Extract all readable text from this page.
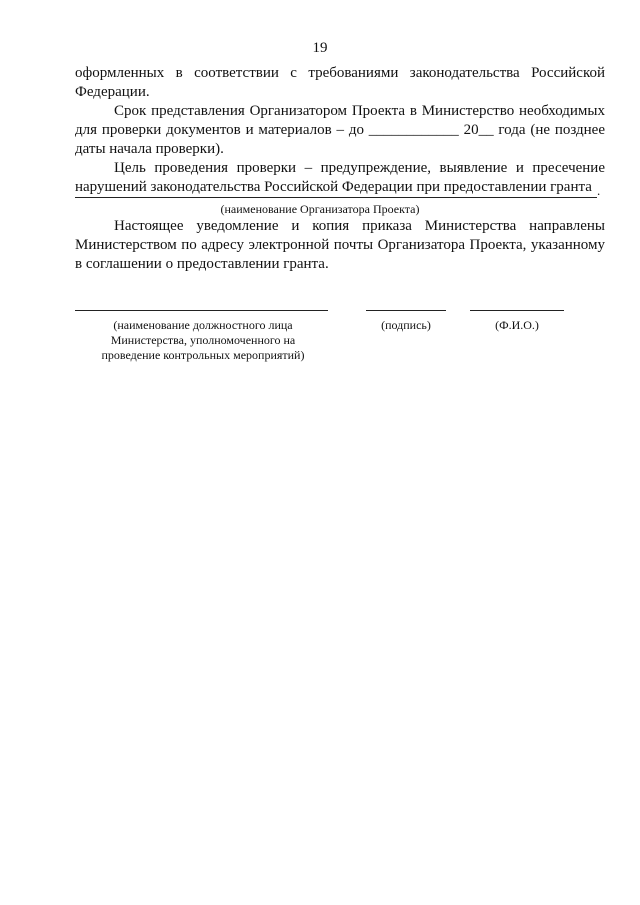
19

оформленных в соответствии с требованиями законодательства Российской Федерации.

Срок представления Организатором Проекта в Министерство необходимых для проверки документов и материалов – до ____________ 20__ года (не позднее даты начала проверки).

Цель проведения проверки – предупреждение, выявление и пресечение нарушений законодательства Российской Федерации при предоставлении гранта .
(наименование Организатора Проекта)

Настоящее уведомление и копия приказа Министерства направлены Министерством по адресу электронной почты Организатора Проекта, указанному в соглашении о предоставлении гранта.

(наименование должностного лица Министерства, уполномоченного на проведение контрольных мероприятий)
(подпись)	(Ф.И.О.)
